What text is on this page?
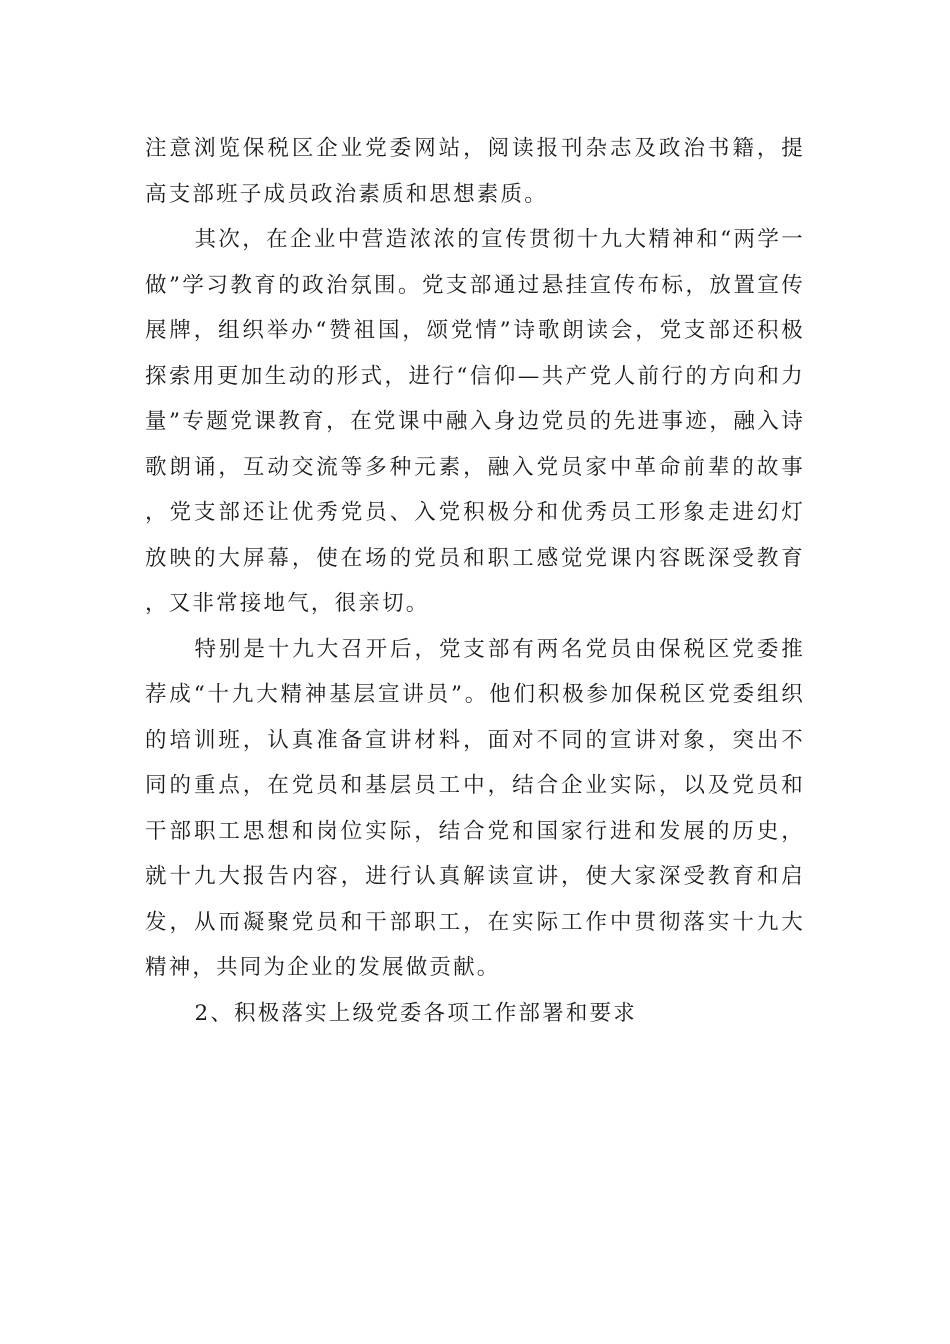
注意浏览保税区企业党委网站，阅读报刊杂志及政治书籍，提高支部班子成员政治素质和思想素质。

其次，在企业中营造浓浓的宣传贯彻十九大精神和“两学一做”学习教育的政治氛围。党支部通过悬挂宣传布标，放置宣传展牌，组织举办“赞祖国，颂党情”诗歌朗读会，党支部还积极探索用更加生动的形式，进行“信仰—共产党人前行的方向和力量”专题党课教育，在党课中融入身边党员的先进事迹，融入诗歌朗诵，互动交流等多种元素，融入党员家中革命前辈的故事，党支部还让优秀党员、入党积极分和优秀员工形象走进幻灯放映的大屏幕，使在场的党员和职工感觉党课内容既深受教育，又非常接地气，很亲切。

特别是十九大召开后，党支部有两名党员由保税区党委推荐成“十九大精神基层宣讲员”。他们积极参加保税区党委组织的培训班，认真准备宣讲材料，面对不同的宣讲对象，突出不同的重点，在党员和基层员工中，结合企业实际，以及党员和干部职工思想和岗位实际，结合党和国家行进和发展的历史，就十九大报告内容，进行认真解读宣讲，使大家深受教育和启发，从而凝聚党员和干部职工，在实际工作中贯彻落实十九大精神，共同为企业的发展做贡献。

2、积极落实上级党委各项工作部署和要求
